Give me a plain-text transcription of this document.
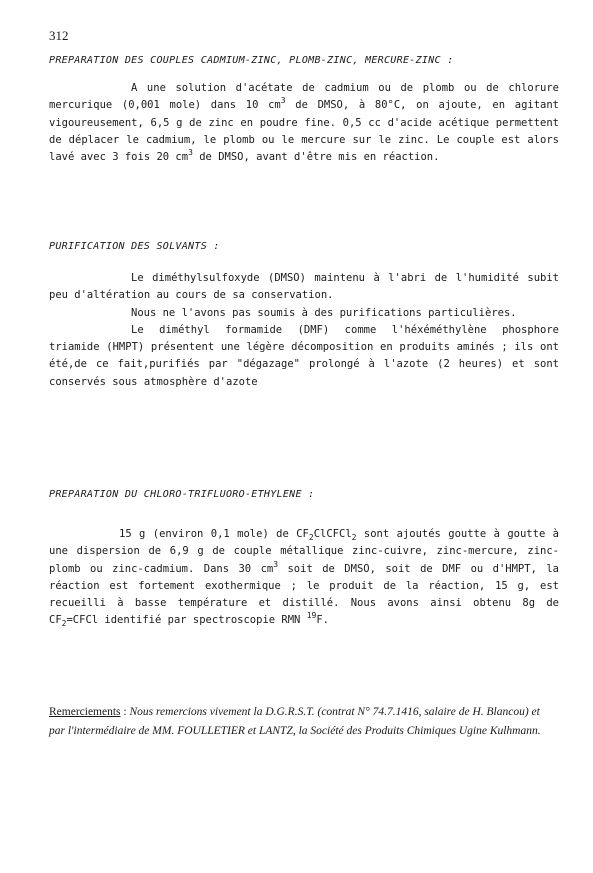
312
PREPARATION DES COUPLES CADMIUM-ZINC, PLOMB-ZINC, MERCURE-ZINC :

A une solution d'acétate de cadmium ou de plomb ou de chlorure mercurique (0,001 mole) dans 10 $cm^3$ de DMSO, à 80°C, on ajoute, en agitant vigoureusement, 6,5 g de zinc en poudre fine. 0,5 cc d'acide acétique permettent de déplacer le cadmium, le plomb ou le mercure sur le zinc. Le couple est alors lavé avec 3 fois 20 $cm^3$ de DMSO, avant d'être mis en réaction.

PURIFICATION DES SOLVANTS :

Le diméthylsulfoxyde (DMSO) maintenu à l'abri de l'humidité subit peu d'altération au cours de sa conservation.

Nous ne l'avons pas soumis à des purifications particulières.

Le diméthyl formamide (DMF) comme l'héxéméthylène phosphore triamide (HMPT) présentent une légère décomposition en produits aminés ; ils ont été,de ce fait,purifiés par "dégazage" prolongé à l'azote (2 heures) et sont conservés sous atmosphère d'azote

PREPARATION DU CHLORO-TRIFLUORO-ETHYLENE :

15 g (environ 0,1 mole) de $CF_2ClCFCl_2$ sont ajoutés goutte à goutte à une dispersion de 6,9 g de couple métallique zinc-cuivre, zinc-mercure, zinc-plomb ou zinc-cadmium. Dans 30 $cm^3$ soit de DMSO, soit de DMF ou d'HMPT, la réaction est fortement exothermique ; le produit de la réaction, 15 g, est recueilli à basse température et distillé. Nous avons ainsi obtenu 8g de $CF_2=CFCl$ identifié par spectroscopie RMN $^{19}$F.

Remerciements : Nous remercions vivement la D.G.R.S.T. (contrat N° 74.7.1416, salaire de H. Blancou) et par l'intermédiaire de MM. FOULLETIER et LANTZ, la Société des Produits Chimiques Ugine Kulhmann.
